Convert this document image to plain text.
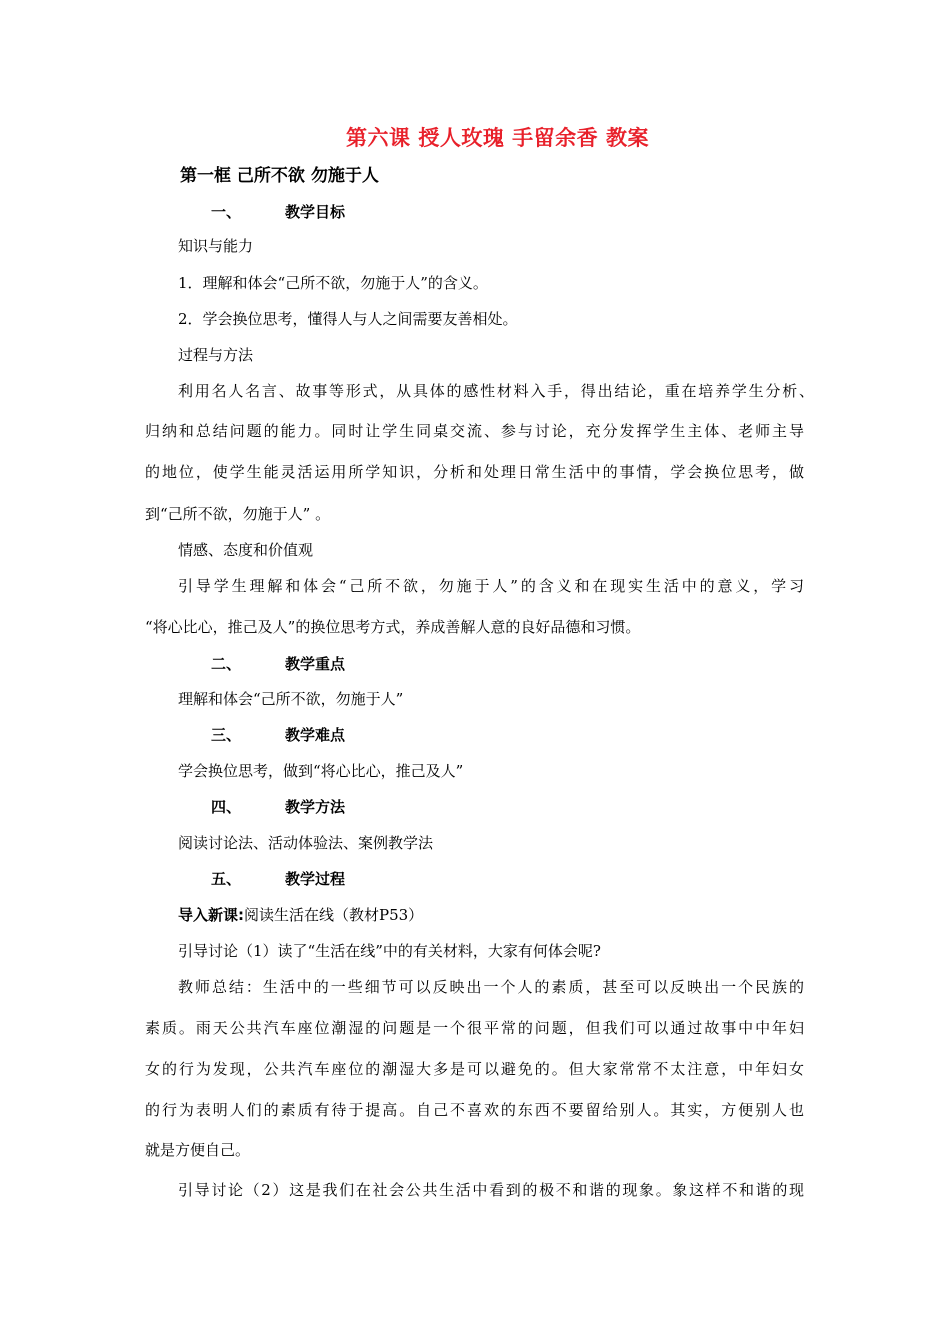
第六课 授人玫瑰 手留余香 教案
第一框 己所不欲 勿施于人
一、	教学目标
知识与能力
1．理解和体会“己所不欲，勿施于人”的含义。
2．学会换位思考，懂得人与人之间需要友善相处。
过程与方法
利用名人名言、故事等形式，从具体的感性材料入手，得出结论，重在培养学生分析、
归纳和总结问题的能力。同时让学生同桌交流、参与讨论，充分发挥学生主体、老师主导
的地位，使学生能灵活运用所学知识，分析和处理日常生活中的事情，学会换位思考，做
到“己所不欲，勿施于人” 。
情感、态度和价值观
引导学生理解和体会“己所不欲，勿施于人”的含义和在现实生活中的意义，学习
“将心比心，推己及人”的换位思考方式，养成善解人意的良好品德和习惯。
二、	教学重点
理解和体会“己所不欲，勿施于人”
三、	教学难点
学会换位思考，做到“将心比心，推己及人”
四、	教学方法
阅读讨论法、活动体验法、案例教学法
五、	教学过程
导入新课:阅读生活在线（教材P53）
引导讨论（1）读了“生活在线”中的有关材料，大家有何体会呢?
教师总结：生活中的一些细节可以反映出一个人的素质，甚至可以反映出一个民族的
素质。雨天公共汽车座位潮湿的问题是一个很平常的问题，但我们可以通过故事中中年妇
女的行为发现，公共汽车座位的潮湿大多是可以避免的。但大家常常不太注意，中年妇女
的行为表明人们的素质有待于提高。自己不喜欢的东西不要留给别人。其实，方便别人也
就是方便自己。
引导讨论（2）这是我们在社会公共生活中看到的极不和谐的现象。象这样不和谐的现
